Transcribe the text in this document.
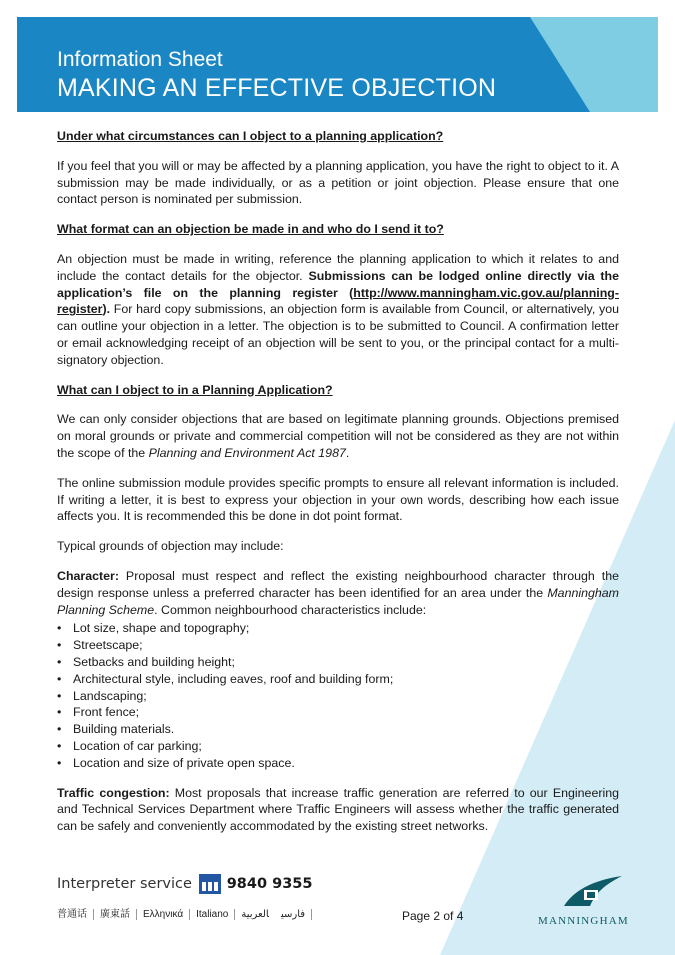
Information Sheet
MAKING AN EFFECTIVE OBJECTION
Under what circumstances can I object to a planning application?

If you feel that you will or may be affected by a planning application, you have the right to object to it. A submission may be made individually, or as a petition or joint objection. Please ensure that one contact person is nominated per submission.

What format can an objection be made in and who do I send it to?

An objection must be made in writing, reference the planning application to which it relates to and include the contact details for the objector. Submissions can be lodged online directly via the application’s file on the planning register (http://www.manningham.vic.gov.au/planning-register). For hard copy submissions, an objection form is available from Council, or alternatively, you can outline your objection in a letter. The objection is to be submitted to Council. A confirmation letter or email acknowledging receipt of an objection will be sent to you, or the principal contact for a multi-signatory objection.

What can I object to in a Planning Application?

We can only consider objections that are based on legitimate planning grounds. Objections premised on moral grounds or private and commercial competition will not be considered as they are not within the scope of the Planning and Environment Act 1987.

The online submission module provides specific prompts to ensure all relevant information is included. If writing a letter, it is best to express your objection in your own words, describing how each issue affects you. It is recommended this be done in dot point format.

Typical grounds of objection may include:

Character: Proposal must respect and reflect the existing neighbourhood character through the design response unless a preferred character has been identified for an area under the Manningham Planning Scheme. Common neighbourhood characteristics include:

• Lot size, shape and topography;
• Streetscape;
• Setbacks and building height;
• Architectural style, including eaves, roof and building form;
• Landscaping;
• Front fence;
• Building materials.
• Location of car parking;
• Location and size of private open space.

Traffic congestion: Most proposals that increase traffic generation are referred to our Engineering and Technical Services Department where Traffic Engineers will assess whether the traffic generated can be safely and conveniently accommodated by the existing street networks.

Interpreter service 9840 9355
普通话 廣東話 Ελληνικά Italiano	فارسیالعربية	Page 2 of 4	MANNINGHAM
